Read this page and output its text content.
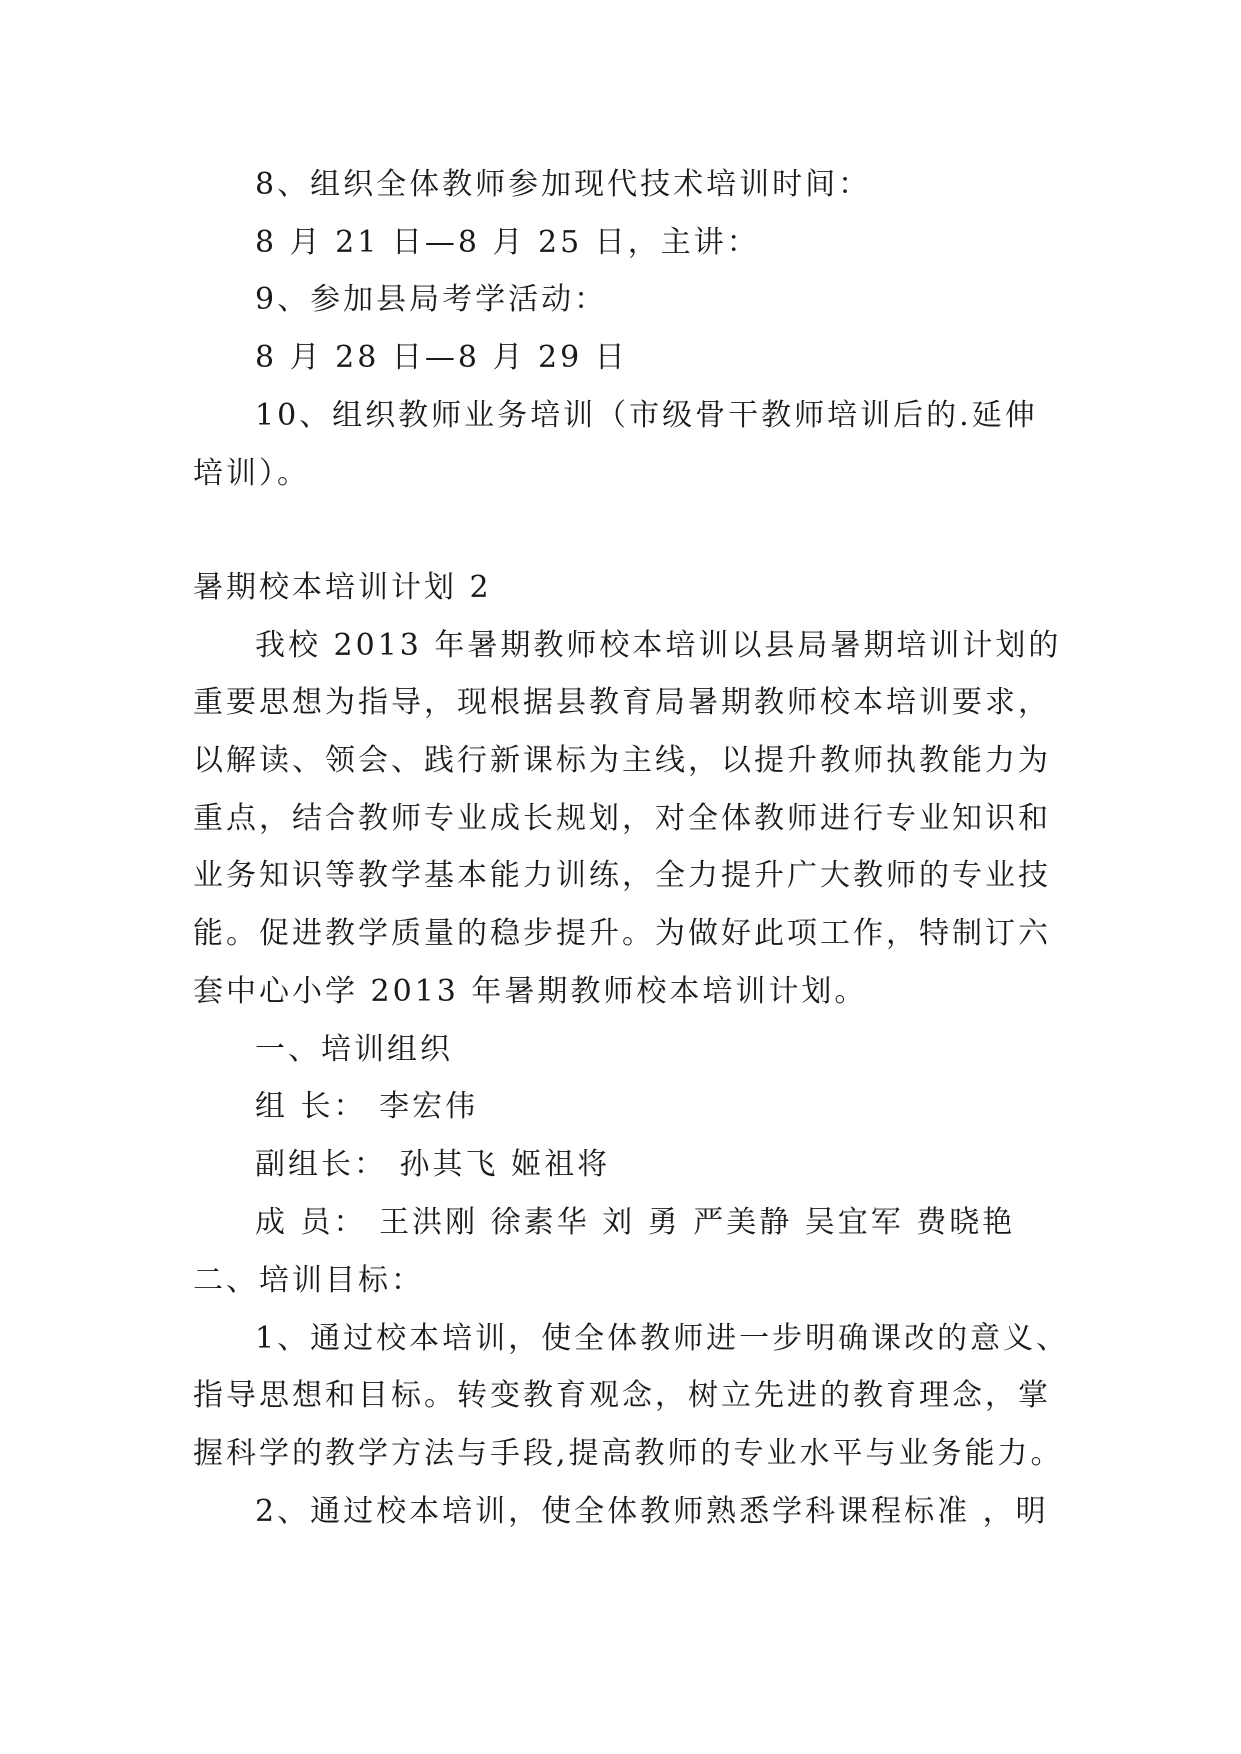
8、组织全体教师参加现代技术培训时间：
8 月 21 日—8 月 25 日，主讲：
9、参加县局考学活动：
8 月 28 日—8 月 29 日
10、组织教师业务培训（市级骨干教师培训后的.延伸
培训）。
暑期校本培训计划 2
我校 2013 年暑期教师校本培训以县局暑期培训计划的
重要思想为指导，现根据县教育局暑期教师校本培训要求，
以解读、领会、践行新课标为主线，以提升教师执教能力为
重点，结合教师专业成长规划，对全体教师进行专业知识和
业务知识等教学基本能力训练，全力提升广大教师的专业技
能。促进教学质量的稳步提升。为做好此项工作，特制订六
套中心小学 2013 年暑期教师校本培训计划。
一、培训组织
组 长： 李宏伟
副组长： 孙其飞 姬祖将
成 员： 王洪刚 徐素华 刘 勇 严美静 吴宜军 费晓艳
二、培训目标：
1、通过校本培训，使全体教师进一步明确课改的意义、
指导思想和目标。转变教育观念，树立先进的教育理念，掌
握科学的教学方法与手段,提高教师的专业水平与业务能力。
2、通过校本培训，使全体教师熟悉学科课程标准 ，明
